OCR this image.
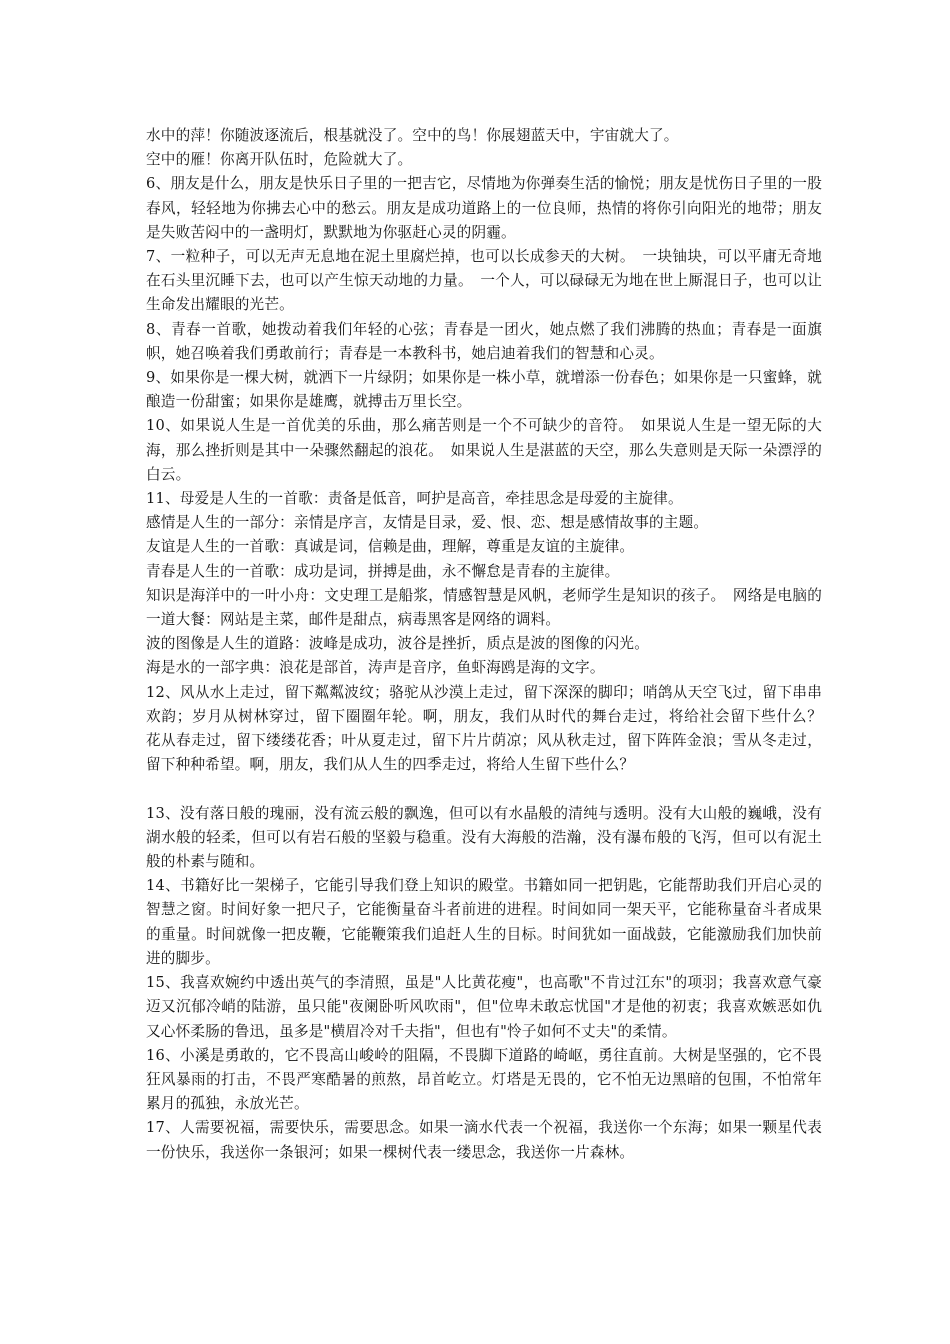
水中的萍！你随波逐流后，根基就没了。空中的鸟！你展翅蓝天中，宇宙就大了。

空中的雁！你离开队伍时，危险就大了。

6、朋友是什么，朋友是快乐日子里的一把吉它，尽情地为你弹奏生活的愉悦；朋友是忧伤日子里的一股春风，轻轻地为你拂去心中的愁云。朋友是成功道路上的一位良师，热情的将你引向阳光的地带；朋友是失败苦闷中的一盏明灯，默默地为你驱赶心灵的阴霾。

7、一粒种子，可以无声无息地在泥土里腐烂掉，也可以长成参天的大树。　一块铀块，可以平庸无奇地在石头里沉睡下去，也可以产生惊天动地的力量。　一个人，可以碌碌无为地在世上厮混日子，也可以让生命发出耀眼的光芒。

8、青春一首歌，她拨动着我们年轻的心弦；青春是一团火，她点燃了我们沸腾的热血；青春是一面旗帜，她召唤着我们勇敢前行；青春是一本教科书，她启迪着我们的智慧和心灵。

9、如果你是一棵大树，就洒下一片绿阴；如果你是一株小草，就增添一份春色；如果你是一只蜜蜂，就酿造一份甜蜜；如果你是雄鹰，就搏击万里长空。

10、如果说人生是一首优美的乐曲，那么痛苦则是一个不可缺少的音符。　如果说人生是一望无际的大海，那么挫折则是其中一朵骤然翻起的浪花。　如果说人生是湛蓝的天空，那么失意则是天际一朵漂浮的白云。

11、母爱是人生的一首歌：责备是低音，呵护是高音，牵挂思念是母爱的主旋律。

感情是人生的一部分：亲情是序言，友情是目录，爱、恨、恋、想是感情故事的主题。

友谊是人生的一首歌：真诚是词，信赖是曲，理解，尊重是友谊的主旋律。

青春是人生的一首歌：成功是词，拼搏是曲，永不懈怠是青春的主旋律。

知识是海洋中的一叶小舟：文史理工是船浆，情感智慧是风帆，老师学生是知识的孩子。　网络是电脑的一道大餐：网站是主菜，邮件是甜点，病毒黑客是网络的调料。

波的图像是人生的道路：波峰是成功，波谷是挫折，质点是波的图像的闪光。

海是水的一部字典：浪花是部首，涛声是音序，鱼虾海鸥是海的文字。

12、风从水上走过，留下粼粼波纹；骆驼从沙漠上走过，留下深深的脚印；哨鸽从天空飞过，留下串串欢韵；岁月从树林穿过，留下圈圈年轮。啊，朋友，我们从时代的舞台走过，将给社会留下些什么？　花从春走过，留下缕缕花香；叶从夏走过，留下片片荫凉；风从秋走过，留下阵阵金浪；雪从冬走过，留下种种希望。啊，朋友，我们从人生的四季走过，将给人生留下些什么？

13、没有落日般的瑰丽，没有流云般的飘逸，但可以有水晶般的清纯与透明。没有大山般的巍峨，没有湖水般的轻柔，但可以有岩石般的坚毅与稳重。没有大海般的浩瀚，没有瀑布般的飞泻，但可以有泥土般的朴素与随和。

14、书籍好比一架梯子，它能引导我们登上知识的殿堂。书籍如同一把钥匙，它能帮助我们开启心灵的智慧之窗。时间好象一把尺子，它能衡量奋斗者前进的进程。时间如同一架天平，它能称量奋斗者成果的重量。时间就像一把皮鞭，它能鞭策我们追赶人生的目标。时间犹如一面战鼓，它能激励我们加快前进的脚步。

15、我喜欢婉约中透出英气的李清照，虽是"人比黄花瘦"，也高歌"不肯过江东"的项羽；我喜欢意气豪迈又沉郁冷峭的陆游，虽只能"夜阑卧听风吹雨"，但"位卑未敢忘忧国"才是他的初衷；我喜欢嫉恶如仇又心怀柔肠的鲁迅，虽多是"横眉冷对千夫指"，但也有"怜子如何不丈夫"的柔情。

16、小溪是勇敢的，它不畏高山峻岭的阻隔，不畏脚下道路的崎岖，勇往直前。大树是坚强的，它不畏狂风暴雨的打击，不畏严寒酷暑的煎熬，昂首屹立。灯塔是无畏的，它不怕无边黑暗的包围，不怕常年累月的孤独，永放光芒。

17、人需要祝福，需要快乐，需要思念。如果一滴水代表一个祝福，我送你一个东海；如果一颗星代表一份快乐，我送你一条银河；如果一棵树代表一缕思念，我送你一片森林。
